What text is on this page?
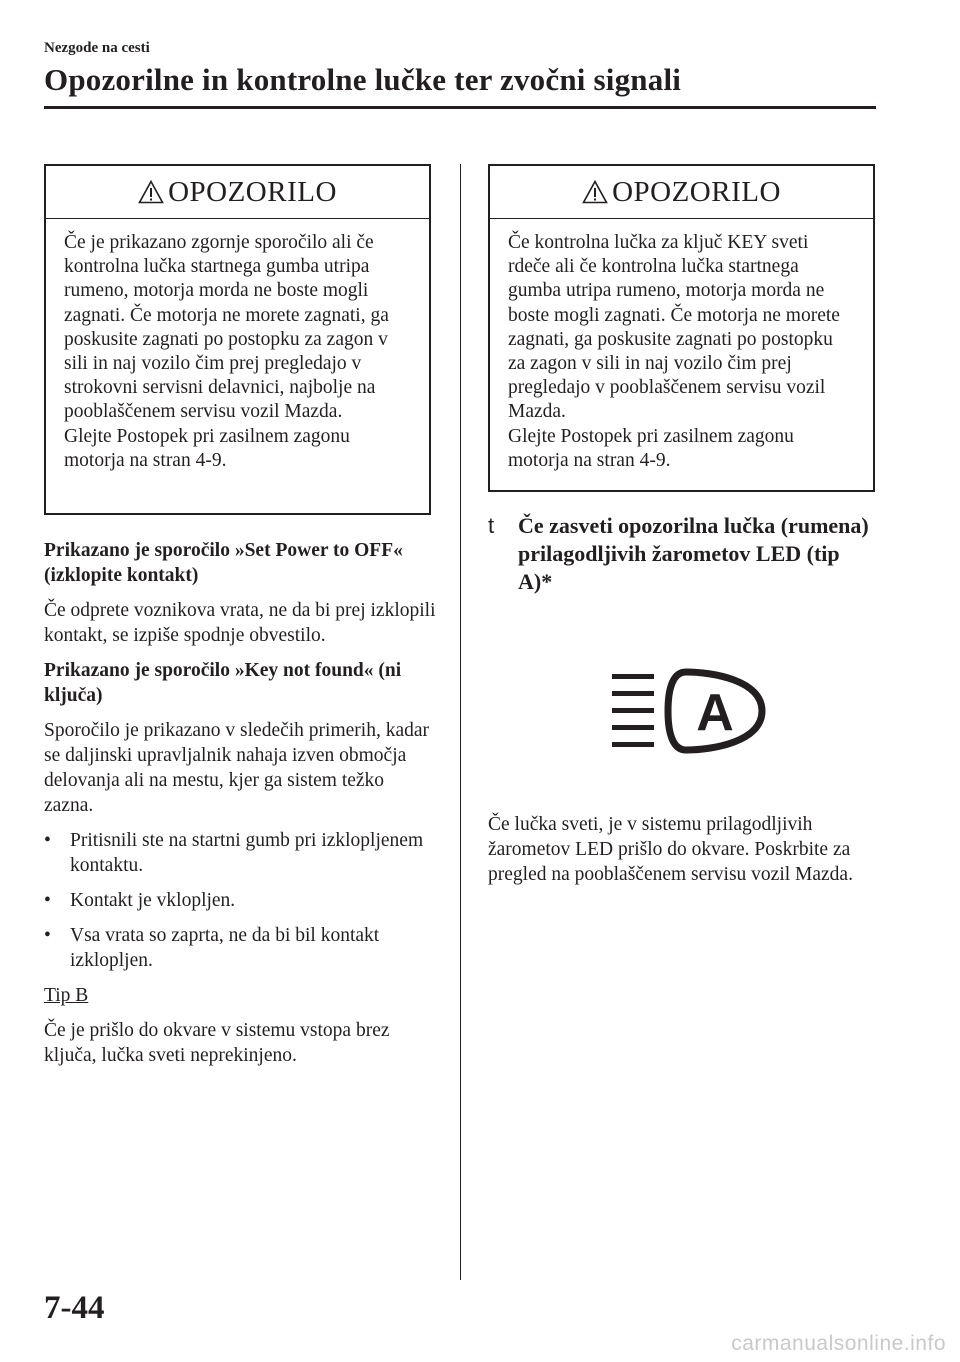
Nezgode na cesti
Opozorilne in kontrolne lučke ter zvočni signali
OPOZORILO

Če je prikazano zgornje sporočilo ali če kontrolna lučka startnega gumba utripa rumeno, motorja morda ne boste mogli zagnati. Če motorja ne morete zagnati, ga poskusite zagnati po postopku za zagon v sili in naj vozilo čim prej pregledajo v strokovni servisni delavnici, najbolje na pooblaščenem servisu vozil Mazda.

Glejte Postopek pri zasilnem zagonu motorja na stran 4-9.

Prikazano je sporočilo »Set Power to OFF« (izklopite kontakt)

Če odprete voznikova vrata, ne da bi prej izklopili kontakt, se izpiše spodnje obvestilo.

Prikazano je sporočilo »Key not found« (ni ključa)

Sporočilo je prikazano v sledečih primerih, kadar se daljinski upravljalnik nahaja izven območja delovanja ali na mestu, kjer ga sistem težko zazna.

• Pritisnili ste na startni gumb pri izklopljenem kontaktu.
• Kontakt je vklopljen.
• Vsa vrata so zaprta, ne da bi bil kontakt izklopljen.

Tip B

Če je prišlo do okvare v sistemu vstopa brez ključa, lučka sveti neprekinjeno.

OPOZORILO

Če kontrolna lučka za ključ KEY sveti rdeče ali če kontrolna lučka startnega gumba utripa rumeno, motorja morda ne boste mogli zagnati. Če motorja ne morete zagnati, ga poskusite zagnati po postopku za zagon v sili in naj vozilo čim prej pregledajo v pooblaščenem servisu vozil Mazda.

Glejte Postopek pri zasilnem zagonu motorja na stran 4-9.

t Če zasveti opozorilna lučka (rumena) prilagodljivih žarometov LED (tip A)*
A

Če lučka sveti, je v sistemu prilagodljivih žarometov LED prišlo do okvare. Poskrbite za pregled na pooblaščenem servisu vozil Mazda.

7-44
carmanualsonline.info
